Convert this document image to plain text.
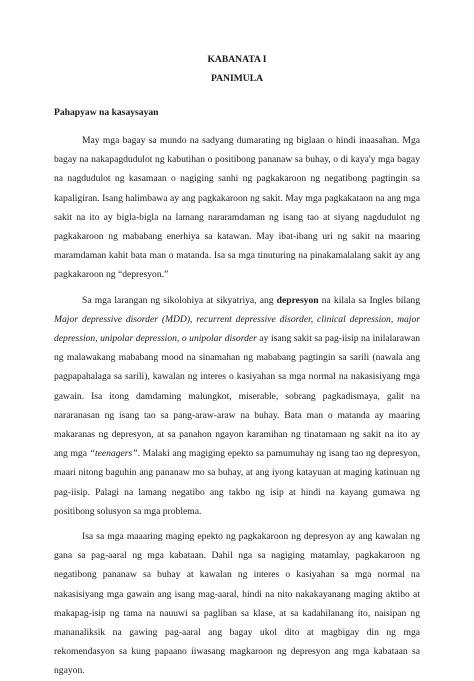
KABANATA I
PANIMULA
Pahapyaw na kasaysayan

May mga bagay sa mundo na sadyang dumarating ng biglaan o hindi inaasahan. Mga bagay na nakapagdudulot ng kabutihan o positibong pananaw sa buhay, o di kaya'y mga bagay na nagdudulot ng kasamaan o nagiging sanhi ng pagkakaroon ng negatibong pagtingin sa kapaligiran. Isang halimbawa ay ang pagkakaroon ng sakit. May mga pagkakataon na ang mga sakit na ito ay bigla-bigla na lamang nararamdaman ng isang tao at siyang nagdudulot ng pagkakaroon ng mababang enerhiya sa katawan. May ibat-ibang uri ng sakit na maaring maramdaman kahit bata man o matanda. Isa sa mga tinuturing na pinakamalalang sakit ay ang pagkakaroon ng “depresyon.”

Sa mga larangan ng sikolohiya at sikyatriya, ang depresyon na kilala sa Ingles bilang Major depressive disorder (MDD), recurrent depressive disorder, clinical depression, major depression, unipolar depression, o unipolar disorder ay isang sakit sa pag-iisip na inilalarawan ng malawakang mababang mood na sinamahan ng mababang pagtingin sa sarili (nawala ang pagpapahalaga sa sarili), kawalan ng interes o kasiyahan sa mga normal na nakasisiyang mga gawain. Isa itong damdaming malungkot, miserable, sobrang pagkadismaya, galit na nararanasan ng isang tao sa pang-araw-araw na buhay. Bata man o matanda ay maaring makaranas ng depresyon, at sa panahon ngayon karamihan ng tinatamaan ng sakit na ito ay ang mga “teenagers”. Malaki ang magiging epekto sa pamumuhay ng isang tao ng depresyon, maari nitong baguhin ang pananaw mo sa buhay, at ang iyong katayuan at maging katinuan ng pag-iisip. Palagi na lamang negatibo ang takbo ng isip at hindi na kayang gumawa ng positibong solusyon sa mga problema.

Isa sa mga maaaring maging epekto ng pagkakaroon ng depresyon ay ang kawalan ng gana sa pag-aaral ng mga kabataan. Dahil nga sa nagiging matamlay, pagkakaroon ng negatibong pananaw sa buhay at kawalan ng interes o kasiyahan sa mga normal na nakasisiyang mga gawain ang isang mag-aaral, hindi na nito nakakayanang maging aktibo at makapag-isip ng tama na nauuwi sa pagliban sa klase, at sa kadahilanang ito, naisipan ng mananaliksik na gawing pag-aaral ang bagay ukol dito at magbigay din ng mga rekomendasyon sa kung papaano iiwasang magkaroon ng depresyon ang mga kabataan sa ngayon.
